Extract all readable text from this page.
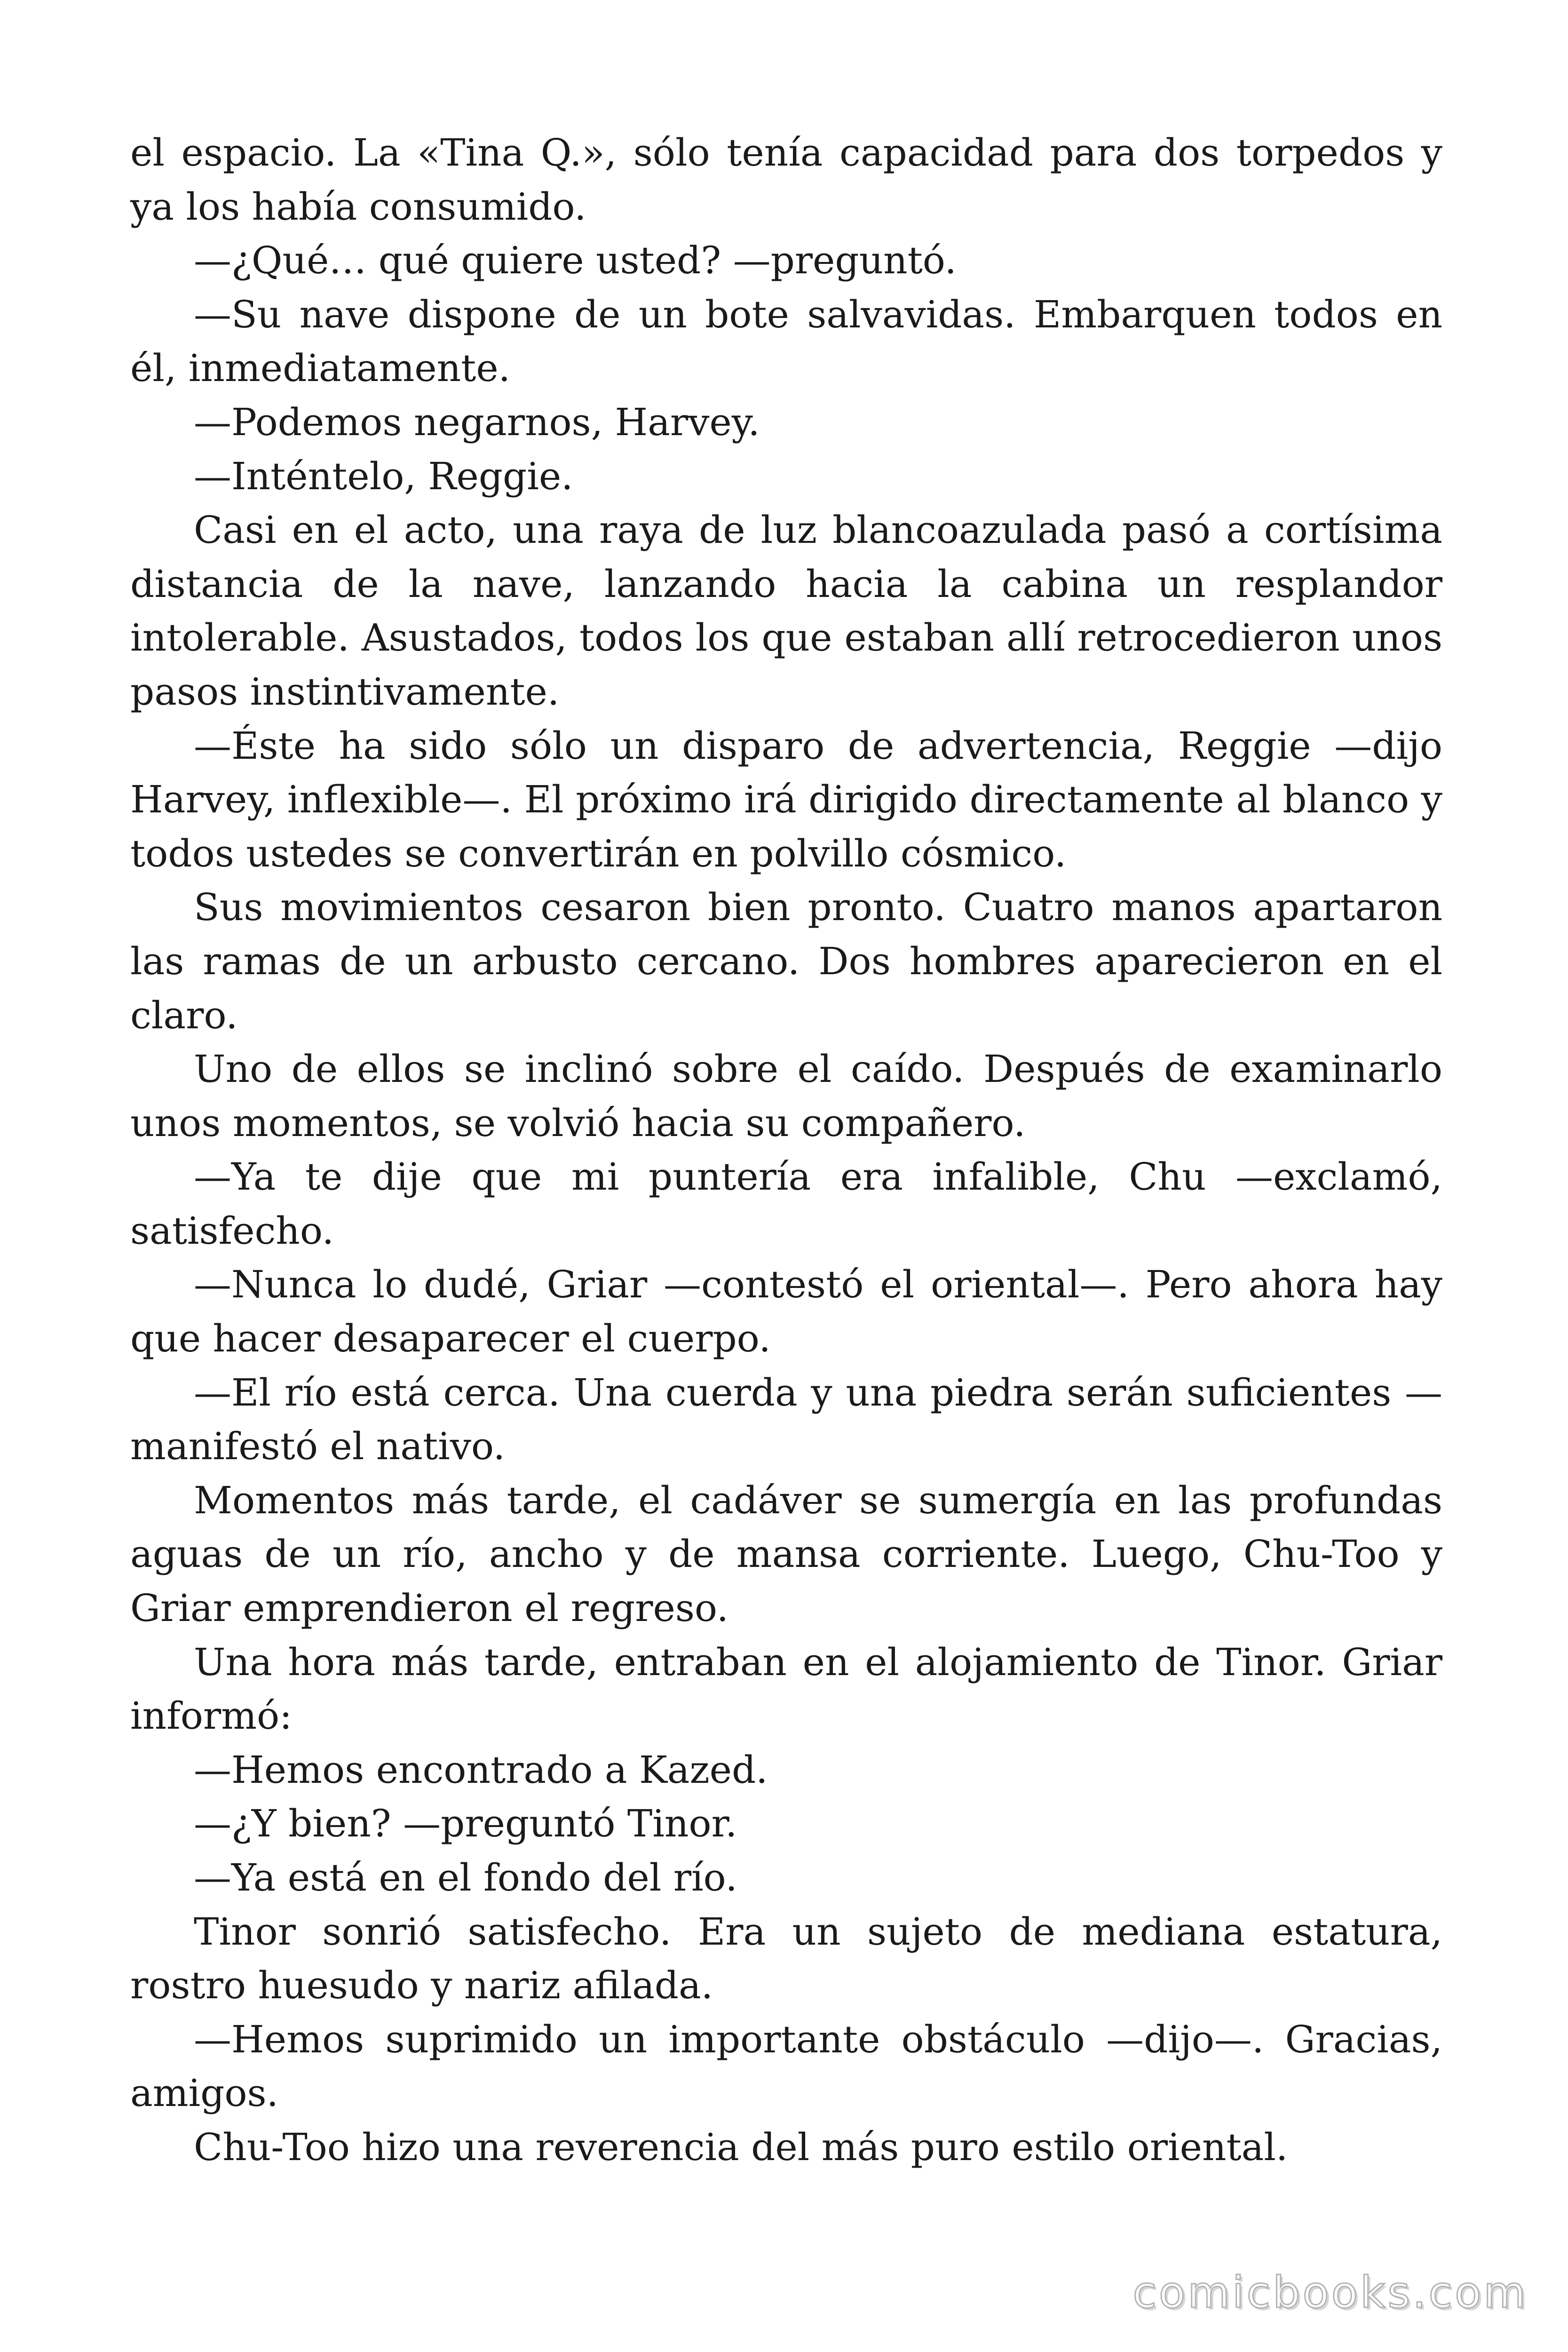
el espacio. La «Tina Q.», sólo tenía capacidad para dos torpedos y ya los había consumido.

—¿Qué… qué quiere usted? —preguntó.

—Su nave dispone de un bote salvavidas. Embarquen todos en él, inmediatamente.

—Podemos negarnos, Harvey.

—Inténtelo, Reggie.

Casi en el acto, una raya de luz blancoazulada pasó a cortísima distancia de la nave, lanzando hacia la cabina un resplandor intolerable. Asustados, todos los que estaban allí retrocedieron unos pasos instintivamente.

—Éste ha sido sólo un disparo de advertencia, Reggie —dijo Harvey, inflexible—. El próximo irá dirigido directamente al blanco y todos ustedes se convertirán en polvillo cósmico.

Sus movimientos cesaron bien pronto. Cuatro manos apartaron las ramas de un arbusto cercano. Dos hombres aparecieron en el claro.

Uno de ellos se inclinó sobre el caído. Después de examinarlo unos momentos, se volvió hacia su compañero.

—Ya te dije que mi puntería era infalible, Chu —exclamó, satisfecho.

—Nunca lo dudé, Griar —contestó el oriental—. Pero ahora hay que hacer desaparecer el cuerpo.

—El río está cerca. Una cuerda y una piedra serán suficientes —manifestó el nativo.

Momentos más tarde, el cadáver se sumergía en las profundas aguas de un río, ancho y de mansa corriente. Luego, Chu-Too y Griar emprendieron el regreso.

Una hora más tarde, entraban en el alojamiento de Tinor. Griar informó:

—Hemos encontrado a Kazed.

—¿Y bien? —preguntó Tinor.

—Ya está en el fondo del río.

Tinor sonrió satisfecho. Era un sujeto de mediana estatura, rostro huesudo y nariz afilada.

—Hemos suprimido un importante obstáculo —dijo—. Gracias, amigos.

Chu-Too hizo una reverencia del más puro estilo oriental.

comicbooks.com
